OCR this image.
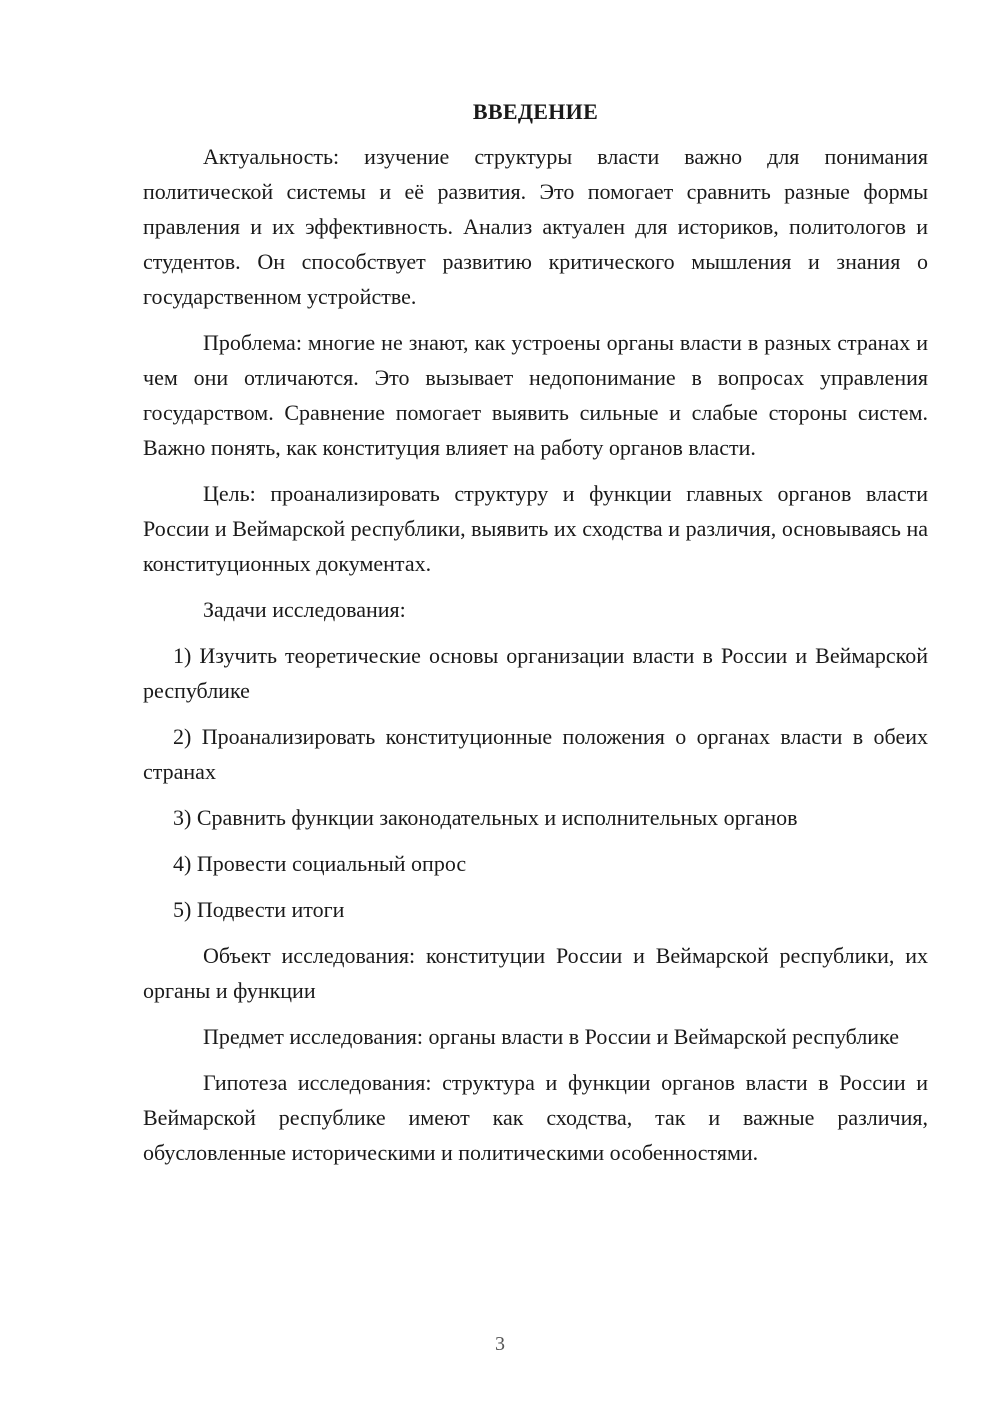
ВВЕДЕНИЕ

Актуальность: изучение структуры власти важно для понимания политической системы и её развития. Это помогает сравнить разные формы правления и их эффективность. Анализ актуален для историков, политологов и студентов. Он способствует развитию критического мышления и знания о государственном устройстве.

Проблема: многие не знают, как устроены органы власти в разных странах и чем они отличаются. Это вызывает недопонимание в вопросах управления государством. Сравнение помогает выявить сильные и слабые стороны систем. Важно понять, как конституция влияет на работу органов власти.

Цель: проанализировать структуру и функции главных органов власти России и Веймарской республики, выявить их сходства и различия, основываясь на конституционных документах.

Задачи исследования:

1) Изучить теоретические основы организации власти в России и Веймарской республике
2) Проанализировать конституционные положения о органах власти в обеих странах
3) Сравнить функции законодательных и исполнительных органов
4) Провести социальный опрос
5) Подвести итоги

Объект исследования: конституции России и Веймарской республики, их органы и функции

Предмет исследования: органы власти в России и Веймарской республике

Гипотеза исследования: структура и функции органов власти в России и Веймарской республике имеют как сходства, так и важные различия, обусловленные историческими и политическими особенностями.

3
